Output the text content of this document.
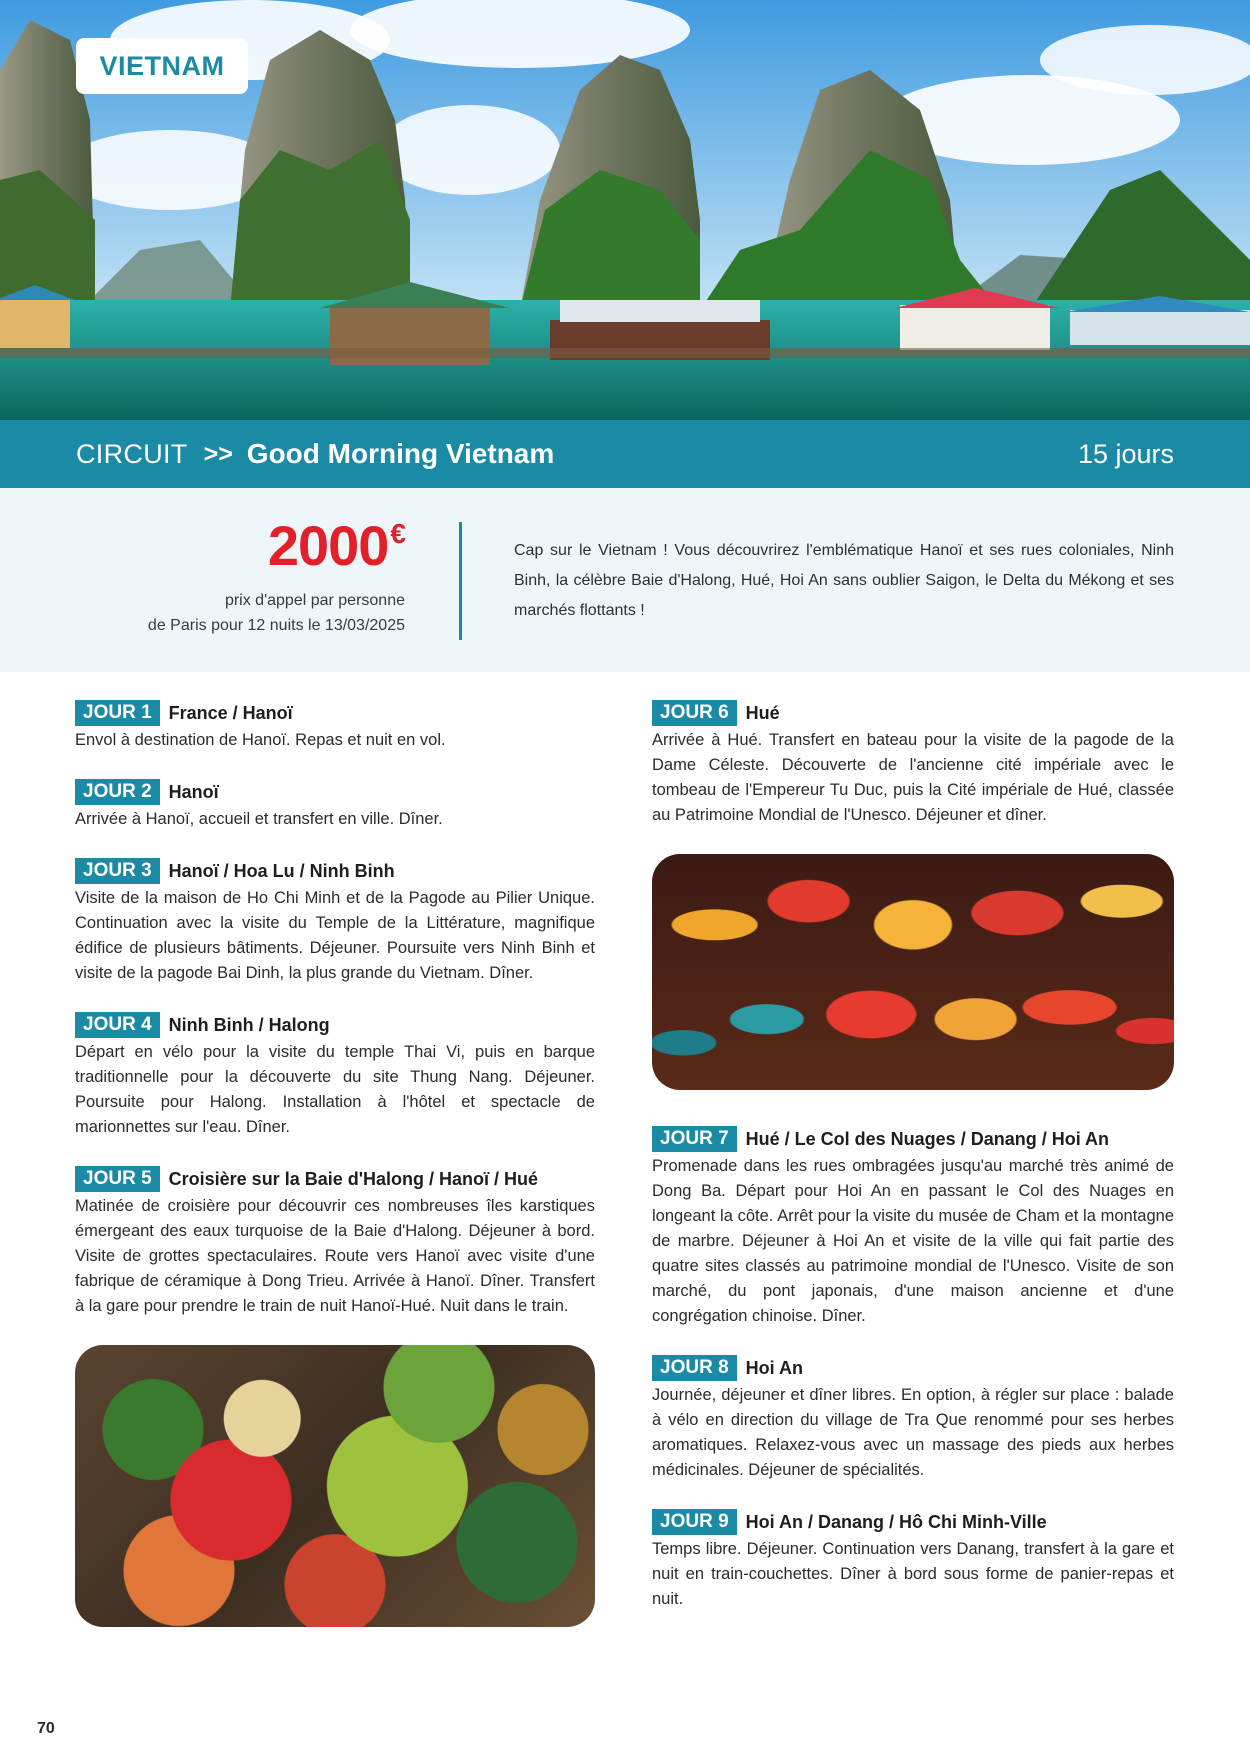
VIETNAM
CIRCUIT >> Good Morning Vietnam	15 jours
2000€
prix d'appel par personne
de Paris pour 12 nuits le 13/03/2025
Cap sur le Vietnam ! Vous découvrirez l'emblématique Hanoï et ses rues coloniales, Ninh Binh, la célèbre Baie d'Halong, Hué, Hoi An sans oublier Saigon, le Delta du Mékong et ses marchés flottants !
JOUR 1 France / Hanoï
Envol à destination de Hanoï. Repas et nuit en vol.
JOUR 2 Hanoï
Arrivée à Hanoï, accueil et transfert en ville. Dîner.
JOUR 3 Hanoï / Hoa Lu / Ninh Binh
Visite de la maison de Ho Chi Minh et de la Pagode au Pilier Unique. Continuation avec la visite du Temple de la Littérature, magnifique édifice de plusieurs bâtiments. Déjeuner. Poursuite vers Ninh Binh et visite de la pagode Bai Dinh, la plus grande du Vietnam. Dîner.
JOUR 4 Ninh Binh / Halong
Départ en vélo pour la visite du temple Thai Vi, puis en barque traditionnelle pour la découverte du site Thung Nang. Déjeuner. Poursuite pour Halong. Installation à l'hôtel et spectacle de marionnettes sur l'eau. Dîner.
JOUR 5 Croisière sur la Baie d'Halong / Hanoï / Hué
Matinée de croisière pour découvrir ces nombreuses îles karstiques émergeant des eaux turquoise de la Baie d'Halong. Déjeuner à bord. Visite de grottes spectaculaires. Route vers Hanoï avec visite d'une fabrique de céramique à Dong Trieu. Arrivée à Hanoï. Dîner. Transfert à la gare pour prendre le train de nuit Hanoï-Hué. Nuit dans le train.
JOUR 6 Hué
Arrivée à Hué. Transfert en bateau pour la visite de la pagode de la Dame Céleste. Découverte de l'ancienne cité impériale avec le tombeau de l'Empereur Tu Duc, puis la Cité impériale de Hué, classée au Patrimoine Mondial de l'Unesco. Déjeuner et dîner.
JOUR 7 Hué / Le Col des Nuages / Danang / Hoi An
Promenade dans les rues ombragées jusqu'au marché très animé de Dong Ba. Départ pour Hoi An en passant le Col des Nuages en longeant la côte. Arrêt pour la visite du musée de Cham et la montagne de marbre. Déjeuner à Hoi An et visite de la ville qui fait partie des quatre sites classés au patrimoine mondial de l'Unesco. Visite de son marché, du pont japonais, d'une maison ancienne et d'une congrégation chinoise. Dîner.
JOUR 8 Hoi An
Journée, déjeuner et dîner libres. En option, à régler sur place : balade à vélo en direction du village de Tra Que renommé pour ses herbes aromatiques. Relaxez-vous avec un massage des pieds aux herbes médicinales. Déjeuner de spécialités.
JOUR 9 Hoi An / Danang / Hô Chi Minh-Ville
Temps libre. Déjeuner. Continuation vers Danang, transfert à la gare et nuit en train-couchettes. Dîner à bord sous forme de panier-repas et nuit.
70
